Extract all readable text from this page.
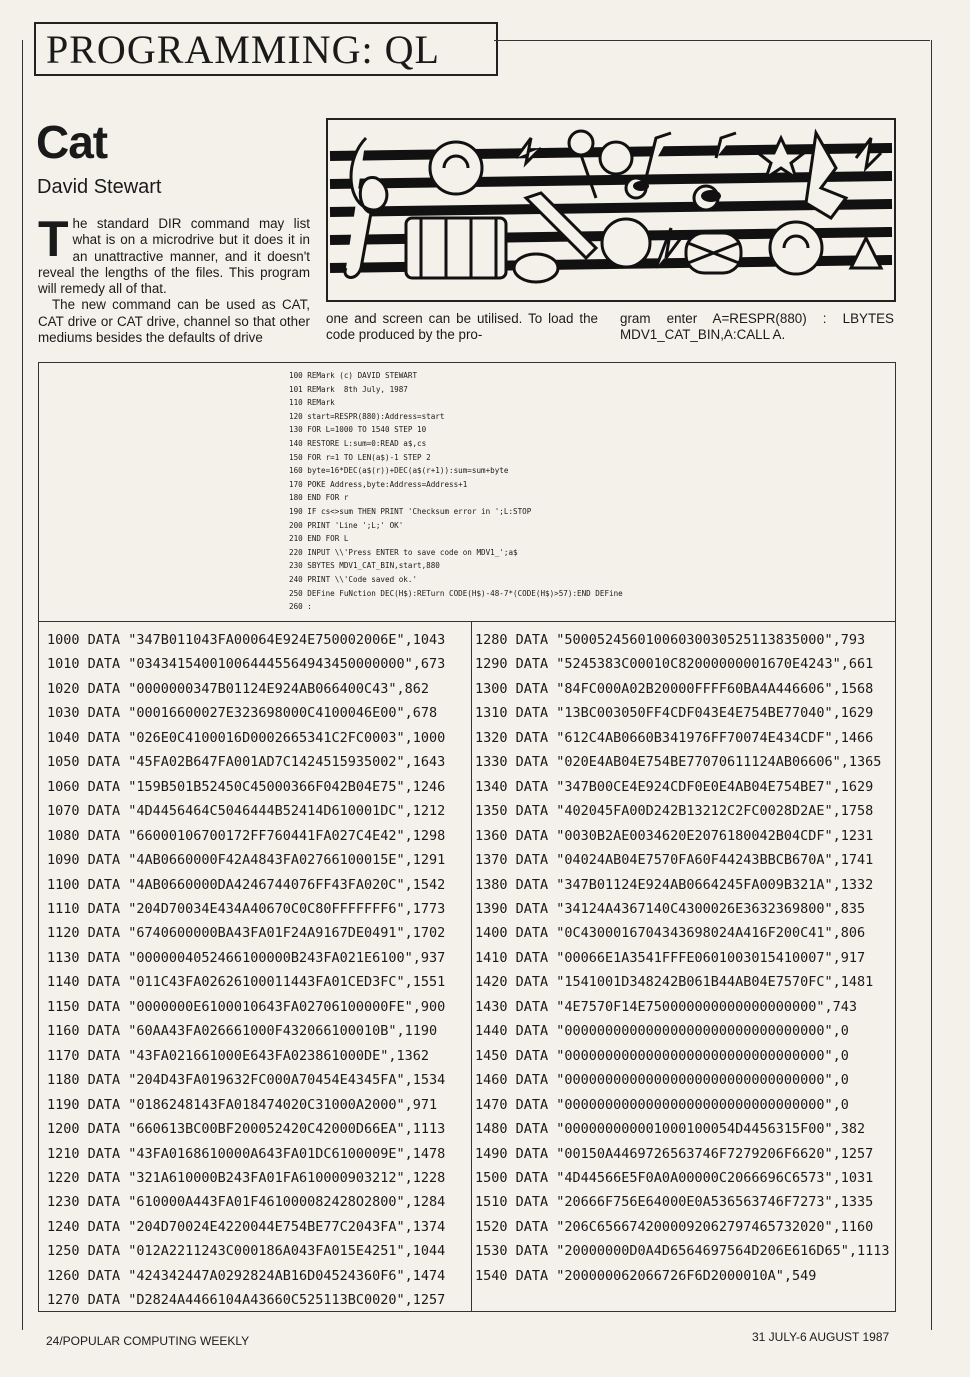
PROGRAMMING: QL
Cat
David Stewart
The standard DIR command may list what is on a microdrive but it does it in an unattractive manner, and it doesn't reveal the lengths of the files. This program will remedy all of that.
The new command can be used as CAT, CAT drive or CAT drive, channel so that other mediums besides the defaults of drive
one and screen can be utilised. To load the code produced by the pro-
gram enter A=RESPR(880) : LBYTES MDV1_CAT_BIN,A:CALL A.
100 REMark (c) DAVID STEWART
101 REMark  8th July, 1987
110 REMark
120 start=RESPR(880):Address=start
130 FOR L=1000 TO 1540 STEP 10
140 RESTORE L:sum=0:READ a$,cs
150 FOR r=1 TO LEN(a$)-1 STEP 2
160 byte=16*DEC(a$(r))+DEC(a$(r+1)):sum=sum+byte
170 POKE Address,byte:Address=Address+1
180 END FOR r
190 IF cs<>sum THEN PRINT 'Checksum error in ';L:STOP
200 PRINT 'Line ';L;' OK'
210 END FOR L
220 INPUT \\'Press ENTER to save code on MDV1_';a$
230 SBYTES MDV1_CAT_BIN,start,880
240 PRINT \\'Code saved ok.'
250 DEFine FuNction DEC(H$):RETurn CODE(H$)-48-7*(CODE(H$)>57):END DEFine
260 :
1000 DATA "347B011043FA00064E924E750002006E",1043
1010 DATA "034341540010064445564943450000000",673
1020 DATA "0000000347B01124E924AB066400C43",862
1030 DATA "00016600027E323698000C4100046E00",678
1040 DATA "026E0C4100016D0002665341C2FC0003",1000
1050 DATA "45FA02B647FA001AD7C1424515935002",1643
1060 DATA "159B501B52450C45000366F042B04E75",1246
1070 DATA "4D4456464C5046444B52414D610001DC",1212
1080 DATA "66000106700172FF760441FA027C4E42",1298
1090 DATA "4AB0660000F42A4843FA02766100015E",1291
1100 DATA "4AB0660000DA4246744076FF43FA020C",1542
1110 DATA "204D70034E434A40670C0C80FFFFFFF6",1773
1120 DATA "6740600000BA43FA01F24A9167DE0491",1702
1130 DATA "0000004052466100000B243FA021E6100",937
1140 DATA "011C43FA02626100011443FA01CED3FC",1551
1150 DATA "0000000E6100010643FA02706100000FE",900
1160 DATA "60AA43FA026661000F43206610001​0B",1190
1170 DATA "43FA021661000E643FA023861000DE",1362
1180 DATA "204D43FA019632FC000A70454E4345FA",1534
1190 DATA "0186248143FA018474020C31000A2000",971
1200 DATA "660613BC00BF200052420C42000D66EA",1113
1210 DATA "43FA0168610000A643FA01DC6100009E",1478
1220 DATA "321A610000B243FA01FA6100009032​12",1228
1230 DATA "610000A443FA01F461000082428O2800",1284
1240 DATA "204D70024E4220044E754BE77C2043FA",1374
1250 DATA "012A2211243C000186A043FA015E4251",1044
1260 DATA "424342447A02928​24AB16D04524360F6",1474
1270 DATA "D2824A4466104A43660C525113BC0020",1257
1280 DATA "50005245601006030030525113835000",793
1290 DATA "5245383C00010C82000000001670E4243",661
1300 DATA "84FC000A02B20000FFFF60BA4A446606",1568
1310 DATA "13BC003050FF4CDF043E4E754BE77040",1629
1320 DATA "612C4AB0660B341976FF70074E434CDF",1466
1330 DATA "020E4AB04E754BE77070611124AB06606",1365
1340 DATA "347B00CE4E924CDF0E0E4AB04E754BE7",1629
1350 DATA "402045FA00D242B13212C2FC0028D2AE",1758
1360 DATA "0030B2AE0034620E2076180042B04CDF",1231
1370 DATA "04024AB04E7570FA60F44243BBCB670A",1741
1380 DATA "347B01124E924AB066424​5FA009B321A",1332
1390 DATA "34124A4367140C4300026E3632369800",835
1400 DATA "0C4300016704343698024A416F200C41",806
1410 DATA "00066E1A3541FFFE06010030154​10007",917
1420 DATA "1541001D348242B061B44AB04E7570FC",1481
1430 DATA "4E7570F14E750000000000000000000",743
1440 DATA "00000000000000000000000000000000",0
1450 DATA "00000000000000000000000000000000",0
1460 DATA "00000000000000000000000000000000",0
1470 DATA "00000000000000000000000000000000",0
1480 DATA "000000000001000100054D4456315F00",382
1490 DATA "00150A4469726563746F7279206F6620",1257
1500 DATA "4D44566E5F0A0A00000C2066696C6573",1031
1510 DATA "20666F756E64000E0A536563746F7273",1335
1520 DATA "206C6566742000092062797465732020",1160
1530 DATA "20000000D0A4D6564697564D206E616D65",1113
1540 DATA "200000062066726F6D2000010A",549
24/POPULAR COMPUTING WEEKLY	31 JULY-6 AUGUST 1987
